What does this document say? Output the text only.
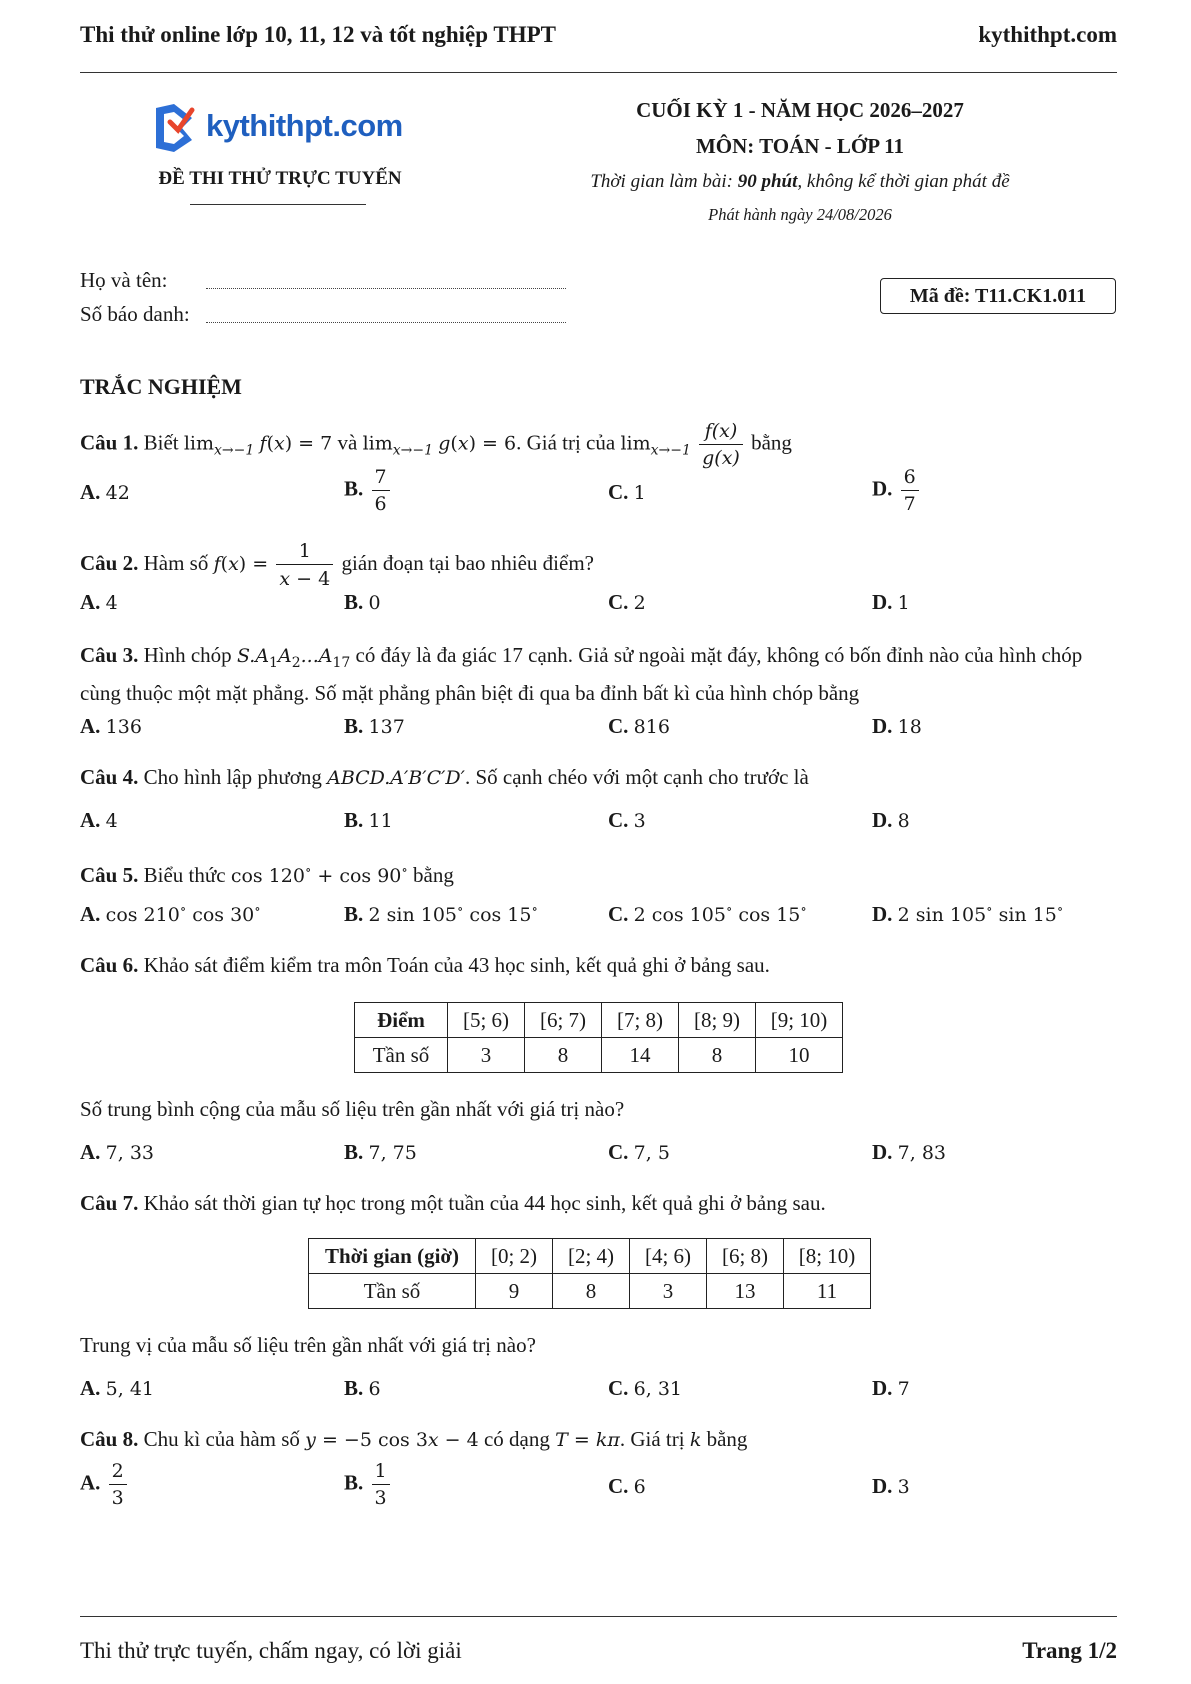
Thi thử online lớp 10, 11, 12 và tốt nghiệp THPT	kythithpt.com
kythithpt.com
ĐỀ THI THỬ TRỰC TUYẾN
CUỐI KỲ 1 - NĂM HỌC 2026–2027
MÔN: TOÁN - LỚP 11
Thời gian làm bài: 90 phút, không kể thời gian phát đề
Phát hành ngày 24/08/2026
Họ và tên:
Số báo danh:
Mã đề: T11.CK1.011
TRẮC NGHIỆM
Câu 1. Biết $\lim_{x\to-1} f(x) = 7$ và $\lim_{x\to-1} g(x) = 6$. Giá trị của $\lim_{x\to-1} \frac{f(x)}{g(x)}$ bằng
A. 42	B. $\frac{7}{6}$	C. 1	D. $\frac{6}{7}$
Câu 2. Hàm số $f(x) = \frac{1}{x - 4}$ gián đoạn tại bao nhiêu điểm?
A. 4	B. 0	C. 2	D. 1
Câu 3. Hình chóp $S.A_1A_2...A_{17}$ có đáy là đa giác 17 cạnh. Giả sử ngoài mặt đáy, không có bốn đỉnh nào của hình chóp cùng thuộc một mặt phẳng. Số mặt phẳng phân biệt đi qua ba đỉnh bất kì của hình chóp bằng
A. 136	B. 137	C. 816	D. 18
Câu 4. Cho hình lập phương ABCD.A′B′C′D′. Số cạnh chéo với một cạnh cho trước là
A. 4	B. 11	C. 3	D. 8
Câu 5. Biểu thức cos 120∘ + cos 90∘ bằng
A. cos 210∘ cos 30∘	B. 2 sin 105∘ cos 15∘	C. 2 cos 105∘ cos 15∘	D. 2 sin 105∘ sin 15∘
Câu 6. Khảo sát điểm kiểm tra môn Toán của 43 học sinh, kết quả ghi ở bảng sau.
Điểm	[5; 6)	[6; 7)	[7; 8)	[8; 9)	[9; 10)
Tần số	3	8	14	8	10
Số trung bình cộng của mẫu số liệu trên gần nhất với giá trị nào?
A. 7, 33	B. 7, 75	C. 7, 5	D. 7, 83
Câu 7. Khảo sát thời gian tự học trong một tuần của 44 học sinh, kết quả ghi ở bảng sau.
Thời gian (giờ)	[0; 2)	[2; 4)	[4; 6)	[6; 8)	[8; 10)
Tần số	9	8	3	13	11
Trung vị của mẫu số liệu trên gần nhất với giá trị nào?
A. 5, 41	B. 6	C. 6, 31	D. 7
Câu 8. Chu kì của hàm số y = −5 cos 3x − 4 có dạng T = kπ. Giá trị k bằng
A. $\frac{2}{3}$	B. $\frac{1}{3}$	C. 6	D. 3
Thi thử trực tuyến, chấm ngay, có lời giải	Trang 1/2
